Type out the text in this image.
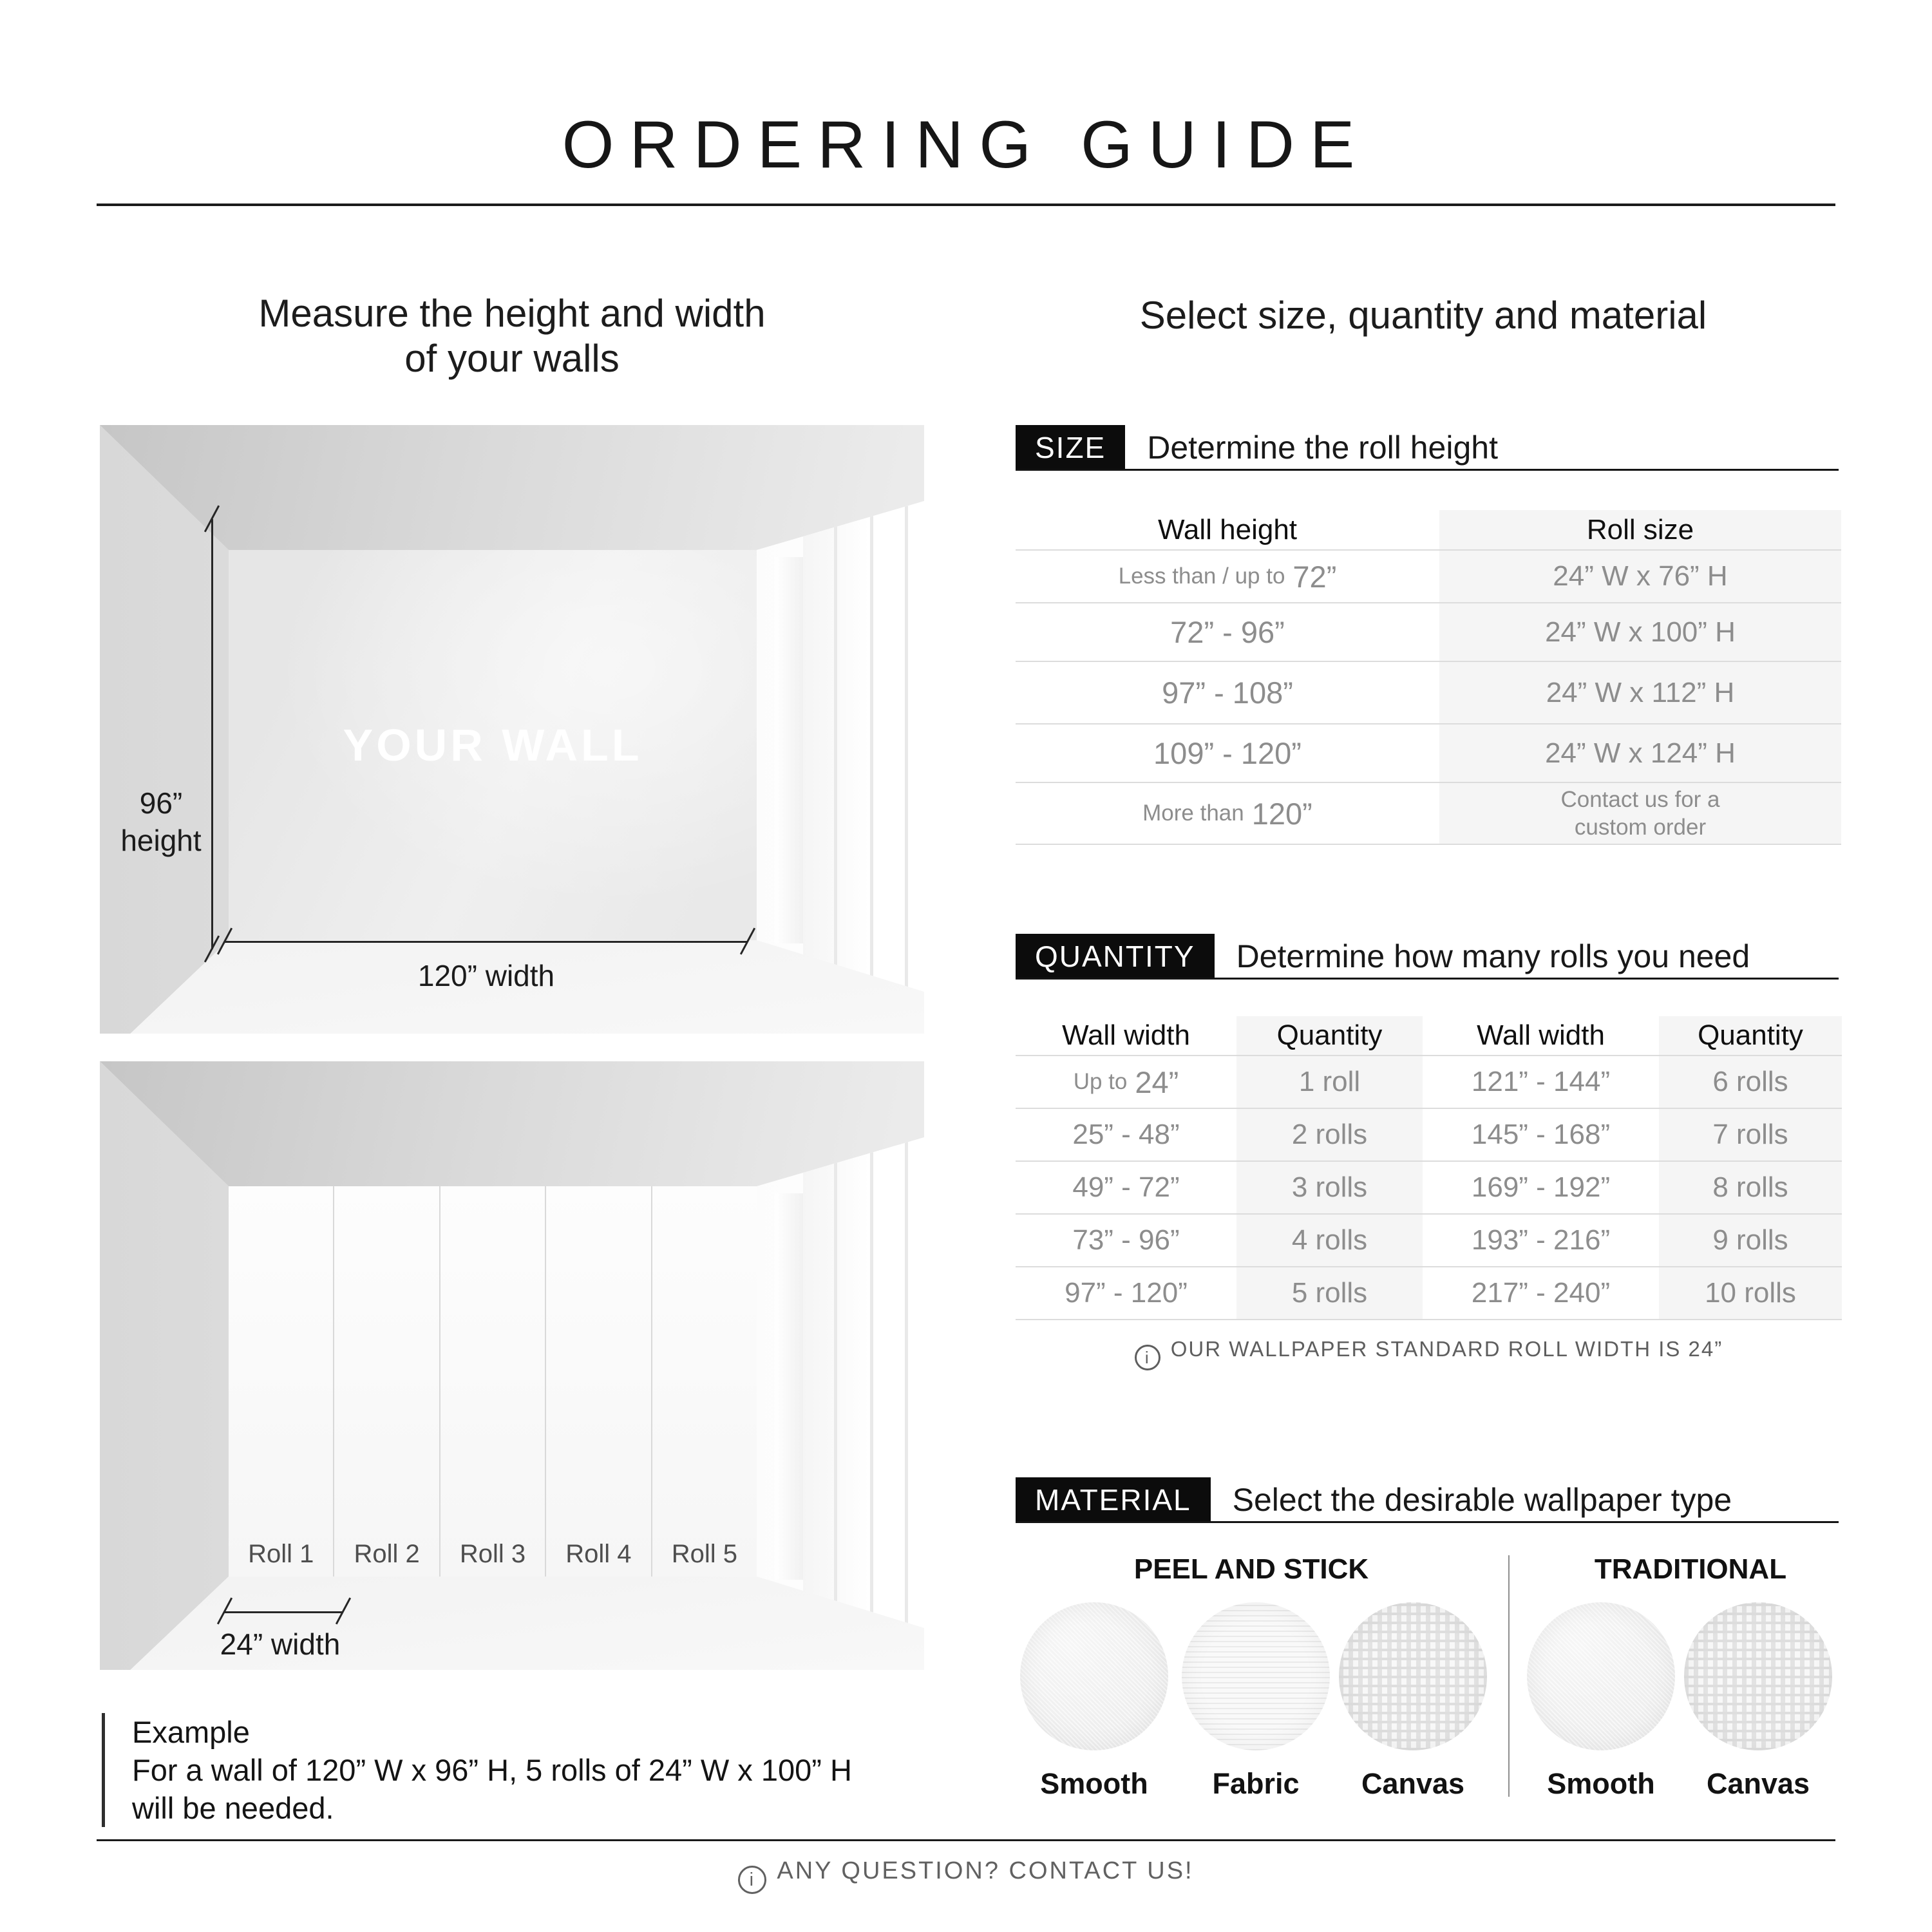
ORDERING GUIDE
Measure the height and width
of your walls
Select size, quantity and material
YOUR WALL
96”
height
120” width
Roll 1	Roll 2	Roll 3	Roll 4	Roll 5
24” width
SIZE	Determine the roll height
Wall height	Roll size
Less than / up to 72”	24” W x 76” H
72” - 96”	24” W x 100” H
97” - 108”	24” W x 112” H
109” - 120”	24” W x 124” H
More than 120”	Contact us for a custom order
QUANTITY	Determine how many rolls you need
Wall width	Quantity	Wall width	Quantity
Up to 24”	1 roll	121” - 144”	6 rolls
25” - 48”	2 rolls	145” - 168”	7 rolls
49” - 72”	3 rolls	169” - 192”	8 rolls
73” - 96”	4 rolls	193” - 216”	9 rolls
97” - 120”	5 rolls	217” - 240”	10 rolls
iOUR WALLPAPER STANDARD ROLL WIDTH IS 24”
MATERIAL	Select the desirable wallpaper type
PEEL AND STICK	TRADITIONAL
Smooth	Fabric	Canvas	Smooth	Canvas
Example
For a wall of 120” W x 96” H, 5 rolls of 24” W x 100” H
will be needed.
iANY QUESTION? CONTACT US!
